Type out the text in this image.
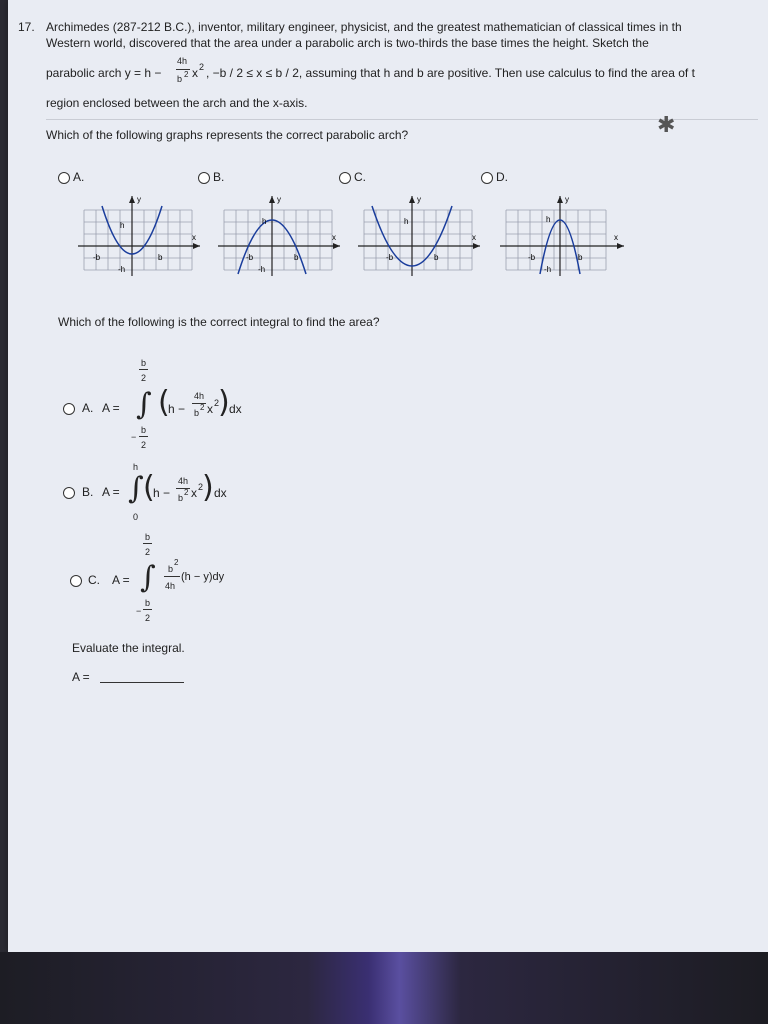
17. Archimedes (287-212 B.C.), inventor, military engineer, physicist, and the greatest mathematician of classical times in th
Western world, discovered that the area under a parabolic arch is two-thirds the base times the height. Sketch the
parabolic arch y = h −
4h
b 2 x 2 , −b / 2 ≤ x ≤ b / 2, assuming that h and b are positive. Then use calculus to find the area of t
region enclosed between the arch and the x-axis.
Which of the following graphs represents the correct parabolic arch?	✱
A.	B.	C.	D.
y
x
h
-b	b
-h
y
x
h
-b	b
-h
y
x
h
-b	b
y
x
h
-b	b
-h
Which of the following is the correct integral to find the area?
A. A =
b
2
∫
−
b
2
(
h −
4h
b
2 x 2
) dx
B. A =
h
∫
0
(
h −
4h
b
2 x 2
) dx
C. A =
b
2
∫
−
b
2
b
2
4h
(h − y)dy
Evaluate the integral.
A =
